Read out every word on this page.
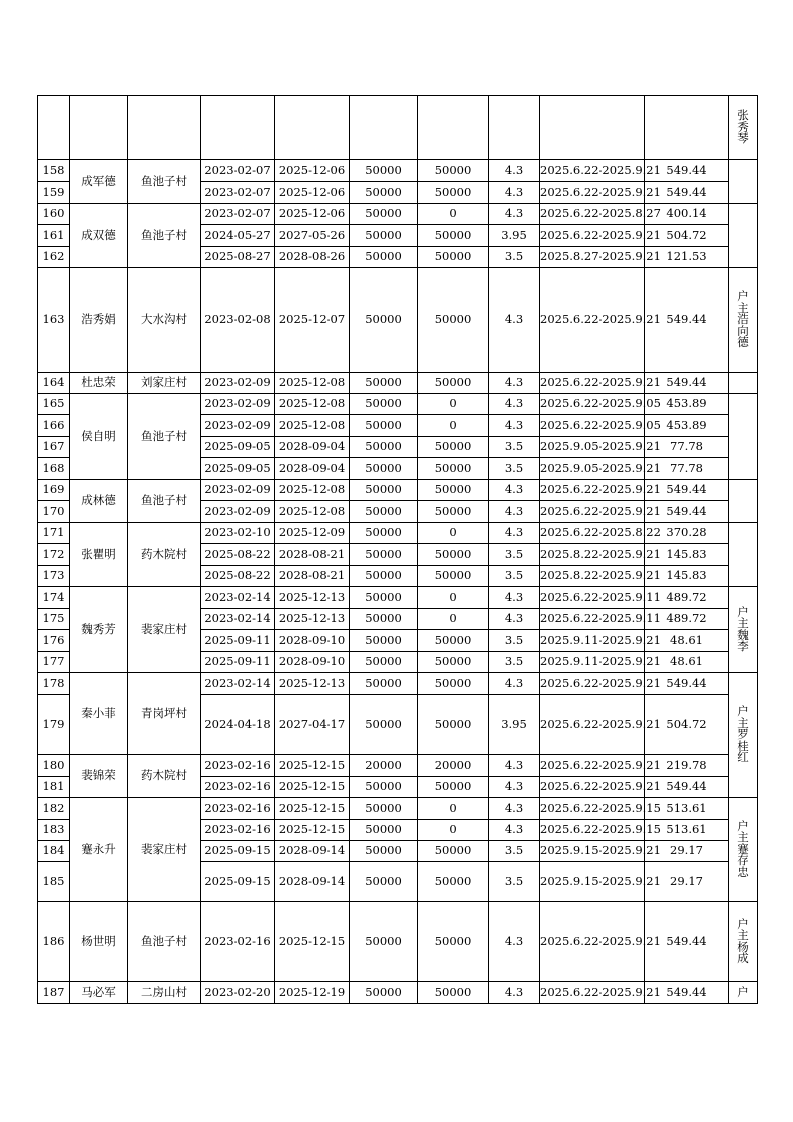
										张
秀
琴

158	成军德	鱼池子村	2023-02-07	2025-12-06	50000	50000	4.3	2025.6.22-2025.9.21	549.44	
159			2023-02-07	2025-12-06	50000	50000	4.3	2025.6.22-2025.9.21	549.44	
160	成双德	鱼池子村	2023-02-07	2025-12-06	50000	0	4.3	2025.6.22-2025.8.27	400.14	
161			2024-05-27	2027-05-26	50000	50000	3.95	2025.6.22-2025.9.21	504.72	
162			2025-08-27	2028-08-26	50000	50000	3.5	2025.8.27-2025.9.21	121.53	
163	浩秀娟	大水沟村	2023-02-08	2025-12-07	50000	50000	4.3	2025.6.22-2025.9.21	549.44	户
主
浩
向
德

164	杜忠荣	刘家庄村	2023-02-09	2025-12-08	50000	50000	4.3	2025.6.22-2025.9.21	549.44	
165	侯自明	鱼池子村	2023-02-09	2025-12-08	50000	0	4.3	2025.6.22-2025.9.05	453.89	
166			2023-02-09	2025-12-08	50000	0	4.3	2025.6.22-2025.9.05	453.89	
167			2025-09-05	2028-09-04	50000	50000	3.5	2025.9.05-2025.9.21	77.78	
168			2025-09-05	2028-09-04	50000	50000	3.5	2025.9.05-2025.9.21	77.78	
169	成林德	鱼池子村	2023-02-09	2025-12-08	50000	50000	4.3	2025.6.22-2025.9.21	549.44	
170			2023-02-09	2025-12-08	50000	50000	4.3	2025.6.22-2025.9.21	549.44	
171	张瞿明	药木院村	2023-02-10	2025-12-09	50000	0	4.3	2025.6.22-2025.8.22	370.28	
172			2025-08-22	2028-08-21	50000	50000	3.5	2025.8.22-2025.9.21	145.83	
173			2025-08-22	2028-08-21	50000	50000	3.5	2025.8.22-2025.9.21	145.83	
174	魏秀芳	裴家庄村	2023-02-14	2025-12-13	50000	0	4.3	2025.6.22-2025.9.11	489.72	户
主
魏
李

175			2023-02-14	2025-12-13	50000	0	4.3	2025.6.22-2025.9.11	489.72	
176			2025-09-11	2028-09-10	50000	50000	3.5	2025.9.11-2025.9.21	48.61	
177			2025-09-11	2028-09-10	50000	50000	3.5	2025.9.11-2025.9.21	48.61	
178	秦小菲	青岗坪村	2023-02-14	2025-12-13	50000	50000	4.3	2025.6.22-2025.9.21	549.44	户
主
罗
桂
红

179			2024-04-18	2027-04-17	50000	50000	3.95	2025.6.22-2025.9.21	504.72	
180	裴锦荣	药木院村	2023-02-16	2025-12-15	20000	20000	4.3	2025.6.22-2025.9.21	219.78	
181			2023-02-16	2025-12-15	50000	50000	4.3	2025.6.22-2025.9.21	549.44	
182	蹇永升	裴家庄村	2023-02-16	2025-12-15	50000	0	4.3	2025.6.22-2025.9.15	513.61	户
主
蹇
存
忠

183			2023-02-16	2025-12-15	50000	0	4.3	2025.6.22-2025.9.15	513.61	
184			2025-09-15	2028-09-14	50000	50000	3.5	2025.9.15-2025.9.21	29.17	
185			2025-09-15	2028-09-14	50000	50000	3.5	2025.9.15-2025.9.21	29.17	
186	杨世明	鱼池子村	2023-02-16	2025-12-15	50000	50000	4.3	2025.6.22-2025.9.21	549.44	户
主
杨
成

187	马必军	二房山村	2023-02-20	2025-12-19	50000	50000	4.3	2025.6.22-2025.9.21	549.44	户
